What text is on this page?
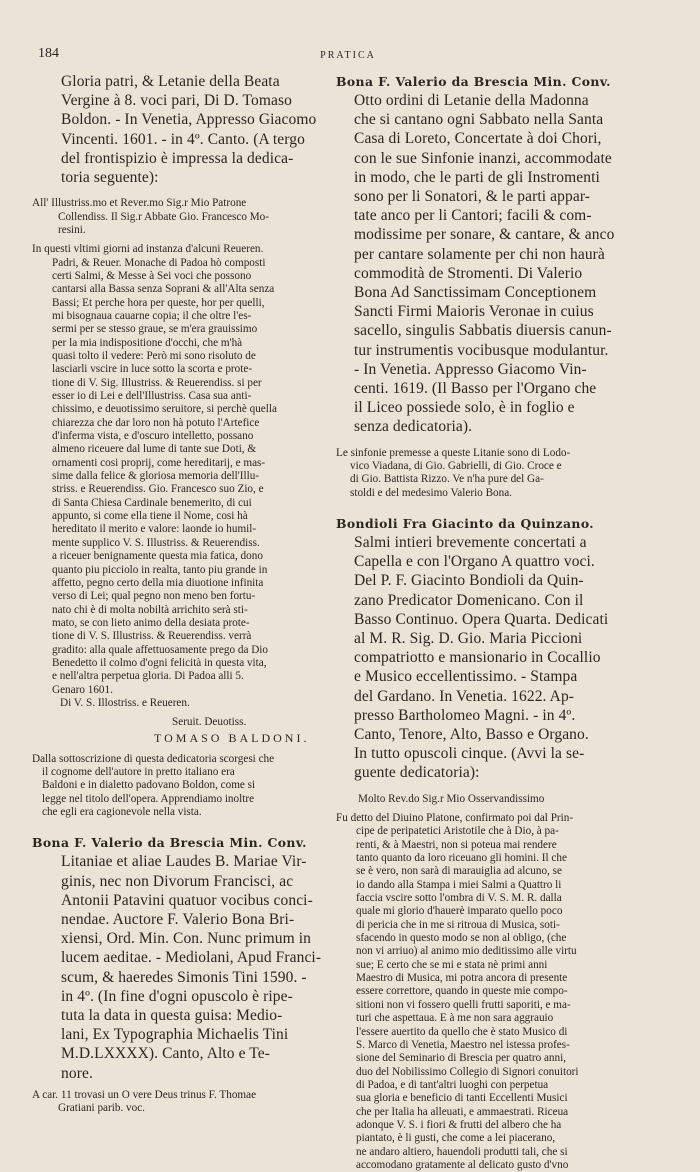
184	PRATICA
Gloria patri, & Letanie della Beata
Vergine à 8. voci pari, Di D. Tomaso
Boldon. - In Venetia, Appresso Giacomo
Vincenti. 1601. - in 4º. Canto. (A tergo
del frontispizio è impressa la dedica-
toria seguente):
All' Illustriss.mo et Rever.mo Sig.r Mio Patrone
Collendiss. Il Sig.r Abbate Gio. Francesco Mo-
resini.
In questi vltimi giorni ad instanza d'alcuni Reueren.
Padri, & Reuer. Monache di Padoa hò composti
certi Salmi, & Messe à Sei voci che possono
cantarsi alla Bassa senza Soprani & all'Alta senza
Bassi; Et perche hora per queste, hor per quelli,
mi bisognaua cauarne copia; il che oltre l'es-
sermi per se stesso graue, se m'era grauissimo
per la mia indispositione d'occhi, che m'hà
quasi tolto il vedere: Però mi sono risoluto de
lasciarli vscire in luce sotto la scorta e prote-
tione di V. Sig. Illustriss. & Reuerendiss. si per
esser io di Lei e dell'Illustriss. Casa sua anti-
chissimo, e deuotissimo seruitore, si perchè quella
chiarezza che dar loro non hà potuto l'Artefice
d'inferma vista, e d'oscuro intelletto, possano
almeno riceuere dal lume di tante sue Doti, &
ornamenti cosi proprij, come hereditarij, e mas-
sime dalla felice & gloriosa memoria dell'Illu-
striss. e Reuerendiss. Gio. Francesco suo Zio, e
di Santa Chiesa Cardinale benemerito, di cui
appunto, si come ella tiene il Nome, cosi hà
hereditato il merito e valore: laonde io humil-
mente supplico V. S. Illustriss. & Reuerendiss.
a riceuer benignamente questa mia fatica, dono
quanto piu picciolo in realta, tanto piu grande in
affetto, pegno certo della mia diuotione infinita
verso di Lei; qual pegno non meno ben fortu-
nato chi è di molta nobiltà arrichito serà sti-
mato, se con lieto animo della desiata prote-
tione di V. S. Illustriss. & Reuerendiss. verrà
gradito: alla quale affettuosamente prego da Dio
Benedetto il colmo d'ogni felicità in questa vita,
e nell'altra perpetua gloria. Di Padoa alli 5.
Genaro 1601.
Di V. S. Illostriss. e Reueren.
Seruit. Deuotiss.
TOMASO BALDONI.
Dalla sottoscrizione di questa dedicatoria scorgesi che
il cognome dell'autore in pretto italiano era
Baldoni e in dialetto padovano Boldon, come si
legge nel titolo dell'opera. Apprendiamo inoltre
che egli era cagionevole nella vista.
Bona F. Valerio da Brescia Min. Conv.
Litaniae et aliae Laudes B. Mariae Vir-
ginis, nec non Divorum Francisci, ac
Antonii Patavini quatuor vocibus conci-
nendae. Auctore F. Valerio Bona Bri-
xiensi, Ord. Min. Con. Nunc primum in
lucem aeditae. - Mediolani, Apud Franci-
scum, & haeredes Simonis Tini 1590. -
in 4º. (In fine d'ogni opuscolo è ripe-
tuta la data in questa guisa: Medio-
lani, Ex Typographia Michaelis Tini
M.D.LXXXX). Canto, Alto e Te-
nore.
A car. 11 trovasi un O vere Deus trinus F. Thomae
Gratiani parib. voc.
Bona F. Valerio da Brescia Min. Conv.
Otto ordini di Letanie della Madonna
che si cantano ogni Sabbato nella Santa
Casa di Loreto, Concertate à doi Chori,
con le sue Sinfonie inanzi, accommodate
in modo, che le parti de gli Instromenti
sono per li Sonatori, & le parti appar-
tate anco per li Cantori; facili & com-
modissime per sonare, & cantare, & anco
per cantare solamente per chi non haurà
commodità de Stromenti. Di Valerio
Bona Ad Sanctissimam Conceptionem
Sancti Firmi Maioris Veronae in cuius
sacello, singulis Sabbatis diuersis canun-
tur instrumentis vocibusque modulantur.
- In Venetia. Appresso Giacomo Vin-
centi. 1619. (Il Basso per l'Organo che
il Liceo possiede solo, è in foglio e
senza dedicatoria).
Le sinfonie premesse a queste Litanie sono di Lodo-
vico Viadana, di Gio. Gabrielli, di Gio. Croce e
di Gio. Battista Rizzo. Ve n'ha pure del Ga-
stoldi e del medesimo Valerio Bona.
Bondioli Fra Giacinto da Quinzano.
Salmi intieri brevemente concertati a
Capella e con l'Organo A quattro voci.
Del P. F. Giacinto Bondioli da Quin-
zano Predicator Domenicano. Con il
Basso Continuo. Opera Quarta. Dedicati
al M. R. Sig. D. Gio. Maria Piccioni
compatriotto e mansionario in Cocallio
e Musico eccellentissimo. - Stampa
del Gardano. In Venetia. 1622. Ap-
presso Bartholomeo Magni. - in 4º.
Canto, Tenore, Alto, Basso e Organo.
In tutto opuscoli cinque. (Avvi la se-
guente dedicatoria):
Molto Rev.do Sig.r Mio Osservandissimo
Fu detto del Diuino Platone, confirmato poi dal Prin-
cipe de peripatetici Aristotile che à Dio, à pa-
renti, & à Maestri, non si poteua mai rendere
tanto quanto da loro riceuano gli homini. Il che
se è vero, non sarà di marauiglia ad alcuno, se
io dando alla Stampa i miei Salmi a Quattro li
faccia vscire sotto l'ombra di V. S. M. R. dalla
quale mi glorio d'hauerè imparato quello poco
di pericia che in me si ritroua di Musica, soti-
sfacendo in questo modo se non al obligo, (che
non vi arriuo) al animo mio deditissimo alle virtu
sue; E certo che se mi e stata nè primi anni
Maestro di Musica, mi potra ancora di presente
essere correttore, quando in queste mie compo-
sitioni non vi fossero quelli frutti saporiti, e ma-
turi che aspettaua. E à me non sara aggrauio
l'essere auertito da quello che è stato Musico di
S. Marco di Venetia, Maestro nel istessa profes-
sione del Seminario di Brescia per quatro anni,
duo del Nobilissimo Collegio di Signori conuitori
di Padoa, e di tant'altri luoghi con perpetua
sua gloria e beneficio di tanti Eccellenti Musici
che per Italia ha alleuati, e ammaestrati. Riceua
adonque V. S. i fiori & frutti del albero che ha
piantato, è li gusti, che come a lei piacerano,
ne andaro altiero, hauendoli produtti tali, che si
accomodano gratamente al delicato gusto d'vno
